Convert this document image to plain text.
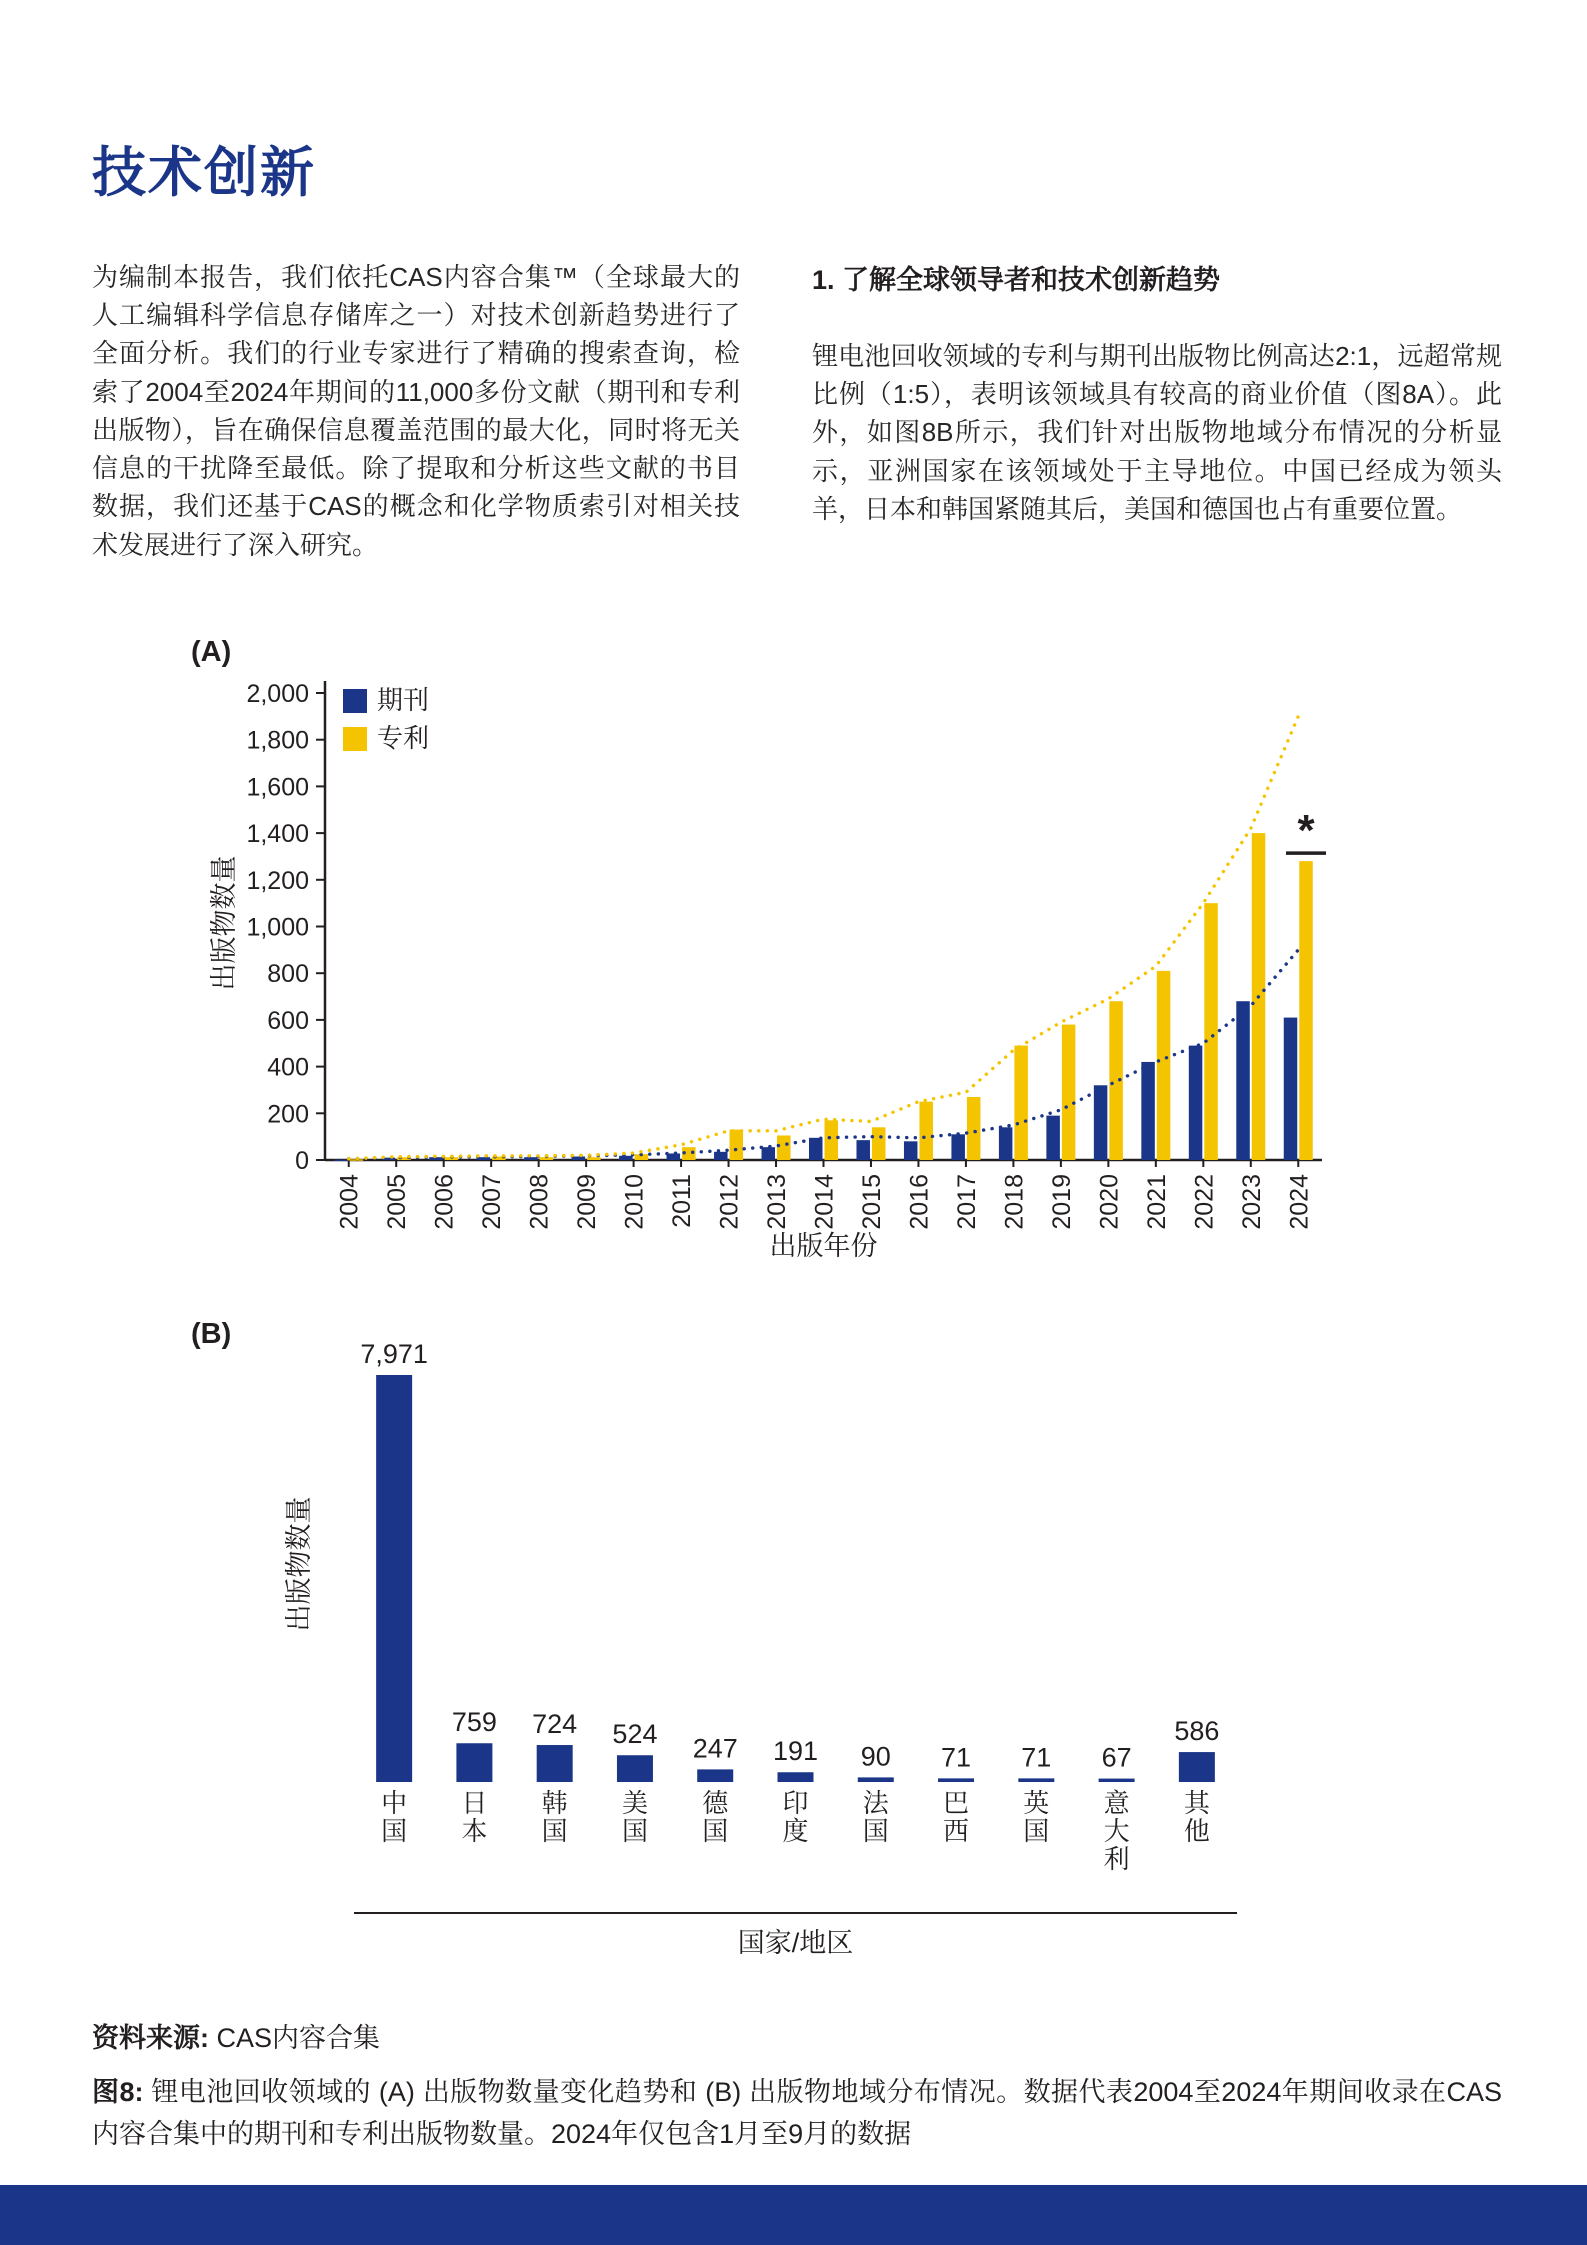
技术创新

为编制本报告，我们依托CAS内容合集™（全球最大的人工编辑科学信息存储库之一）对技术创新趋势进行了全面分析。我们的行业专家进行了精确的搜索查询，检索了2004至2024年期间的11,000多份文献（期刊和专利出版物），旨在确保信息覆盖范围的最大化，同时将无关信息的干扰降至最低。除了提取和分析这些文献的书目数据，我们还基于CAS的概念和化学物质索引对相关技术发展进行了深入研究。

1. 了解全球领导者和技术创新趋势

锂电池回收领域的专利与期刊出版物比例高达2:1，远超常规比例（1:5），表明该领域具有较高的商业价值（图8A）。此外，如图8B所示，我们针对出版物地域分布情况的分析显示，亚洲国家在该领域处于主导地位。中国已经成为领头羊，日本和韩国紧随其后，美国和德国也占有重要位置。

(A)
0
200
400
600
800
1,000
1,200
1,400
1,600
1,800
2,000
出版物数量
出版年份
2004 2005 2006 2007 2008 2009 2010 2011 2012 2013 2014 2015 2016 2017 2018 2019 2020 2021 2022 2023 2024
*
期刊
专利
(B)
7,971
759 724 524 247 191 90 71 71 67
586
中国
日本
韩国
美国
德国
印度
法国
巴西
英国
意大利
其他
出版物数量
国家/地区
资料来源: CAS内容合集
图8: 锂电池回收领域的 (A) 出版物数量变化趋势和 (B) 出版物地域分布情况。数据代表2004至2024年期间收录在CAS内容合集中的期刊和专利出版物数量。2024年仅包含1月至9月的数据
